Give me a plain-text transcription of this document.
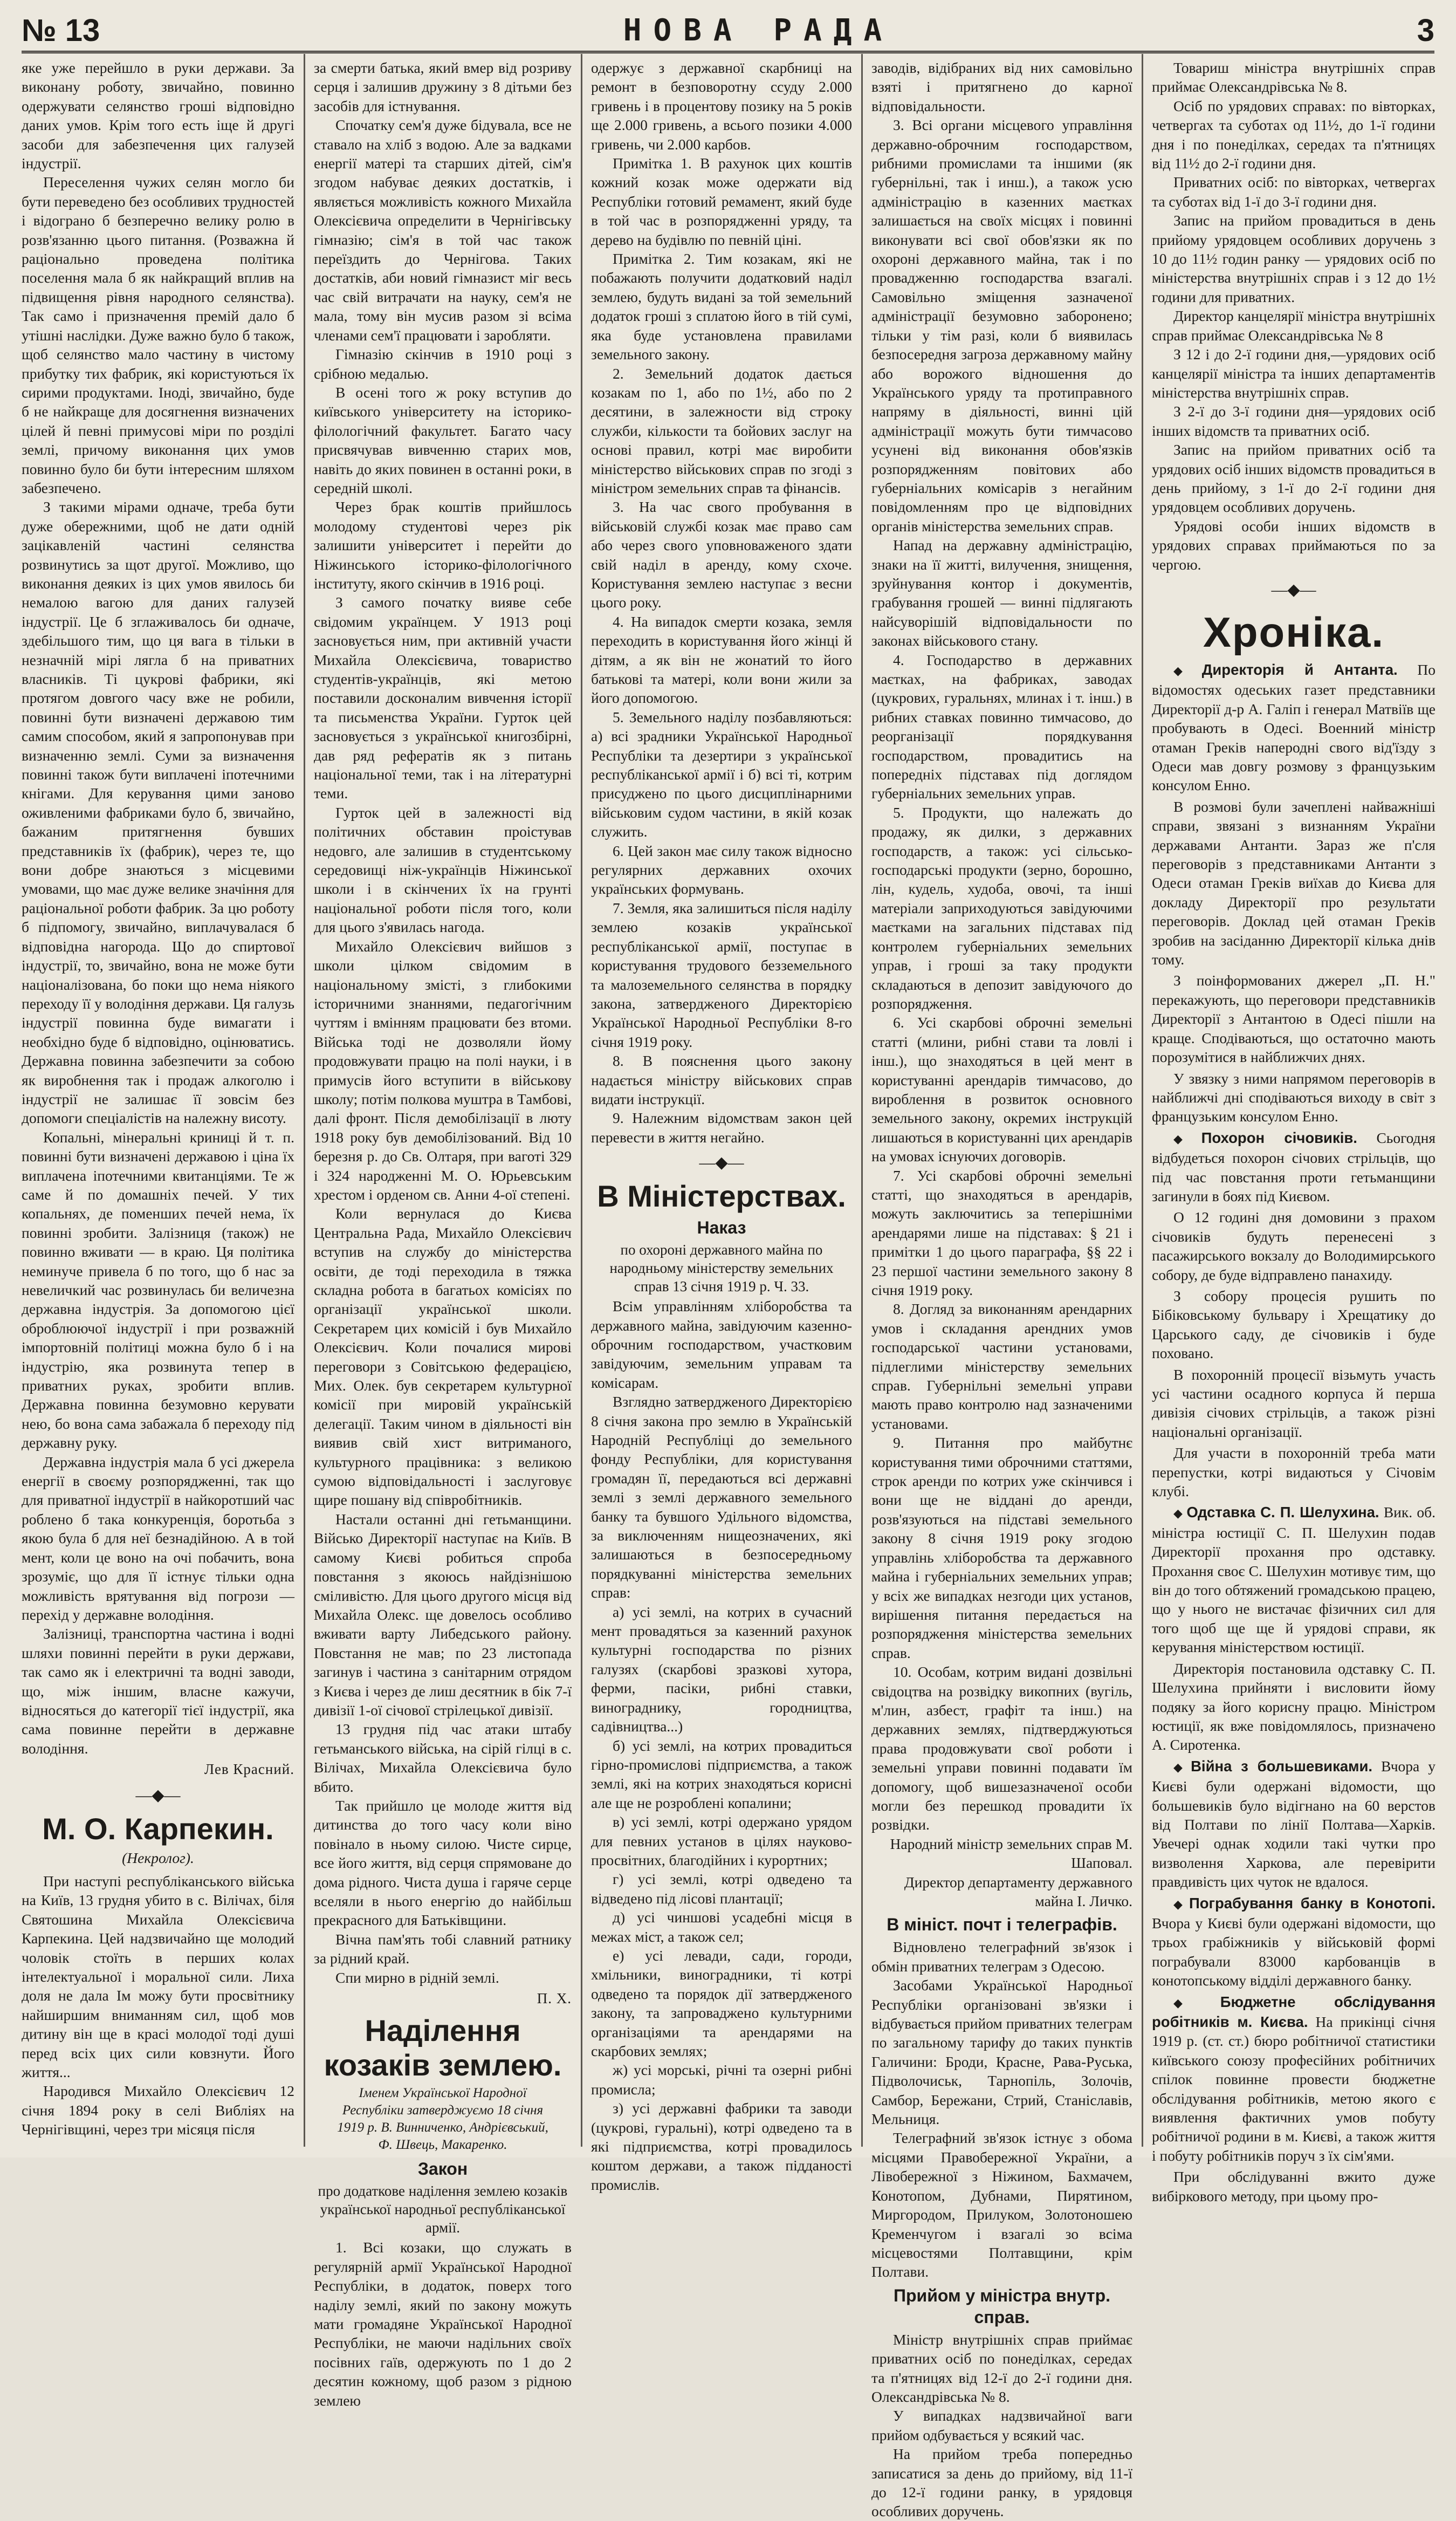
№ 13	НОВА РАДА	3

яке уже перейшло в руки держави. За виконану роботу, звичайно, повинно одержувати селянство гроші відповідно даних умов. Крім того есть іще й другі засоби для забезпечення цих галузей індустрії.

Переселення чужих селян могло би бути переведено без особливих трудностей і відограно б безперечно велику ролю в розв'язанню цього питання. (Розважна й раціонально проведена політика поселення мала б як найкращий вплив на підвищення рівня народного селянства). Так само і призначення премій дало б утішні наслідки. Дуже важно було б також, щоб селянство мало частину в чистому прибутку тих фабрик, які користуються їх сирими продуктами. Іноді, звичайно, буде б не найкраще для досягнення визначених цілей й певні примусові міри по розділі землі, причому виконання цих умов повинно було би бути інтересним шляхом забезпечено.

З такими мірами одначе, треба бути дуже обережними, щоб не дати одній зацікавленій частині селянства розвинутись за щот другої. Можливо, що виконання деяких із цих умов явилось би немалою вагою для даних галузей індустрії. Це б зглаживалось би одначе, здебільшого тим, що ця вага в тільки в незначній мірі лягла б на приватних власників. Ті цукрові фабрики, які протягом довгого часу вже не робили, повинні бути визначені державою тим самим способом, який я запропонував при визначенню землі. Суми за визначення повинні також бути виплачені іпотечними кнігами. Для керування цими заново оживленими фабриками було б, звичайно, бажаним притягнення бувших представників їх (фабрик), через те, що вони добре знаються з місцевими умовами, що має дуже велике значіння для раціональної роботи фабрик. За цю роботу б підпомогу, звичайно, виплачувалася б відповідна нагорода. Що до спиртової індустрії, то, звичайно, вона не може бути націоналізована, бо поки що нема ніякого переходу її у володіння держави. Ця галузь індустрії повинна буде вимагати і необхідно буде б відповідно, оцінюватись. Державна повинна забезпечити за собою як виробнення так і продаж алкоголю і індустрії не залишає її зовсім без допомоги спеціалістів на належну висоту.

Копальні, мінеральні криниці й т. п. повинні бути визначені державою і ціна їх виплачена іпотечними квитанціями. Те ж саме й по домашніх печей. У тих копальнях, де поменших печей нема, їх повинні зробити. Залізниця (також) не повинно вживати — в краю. Ця політика неминуче привела б по того, що б нас за невеличкий час розвинулась би величезна державна індустрія. За допомогою цієї оброблюючої індустрії і при розважній імпортовній політиці можна було б і на індустрію, яка розвинута тепер в приватних руках, зробити вплив. Державна повинна безумовно керувати нею, бо вона сама забажала б переходу під державну руку.

Державна індустрія мала б усі джерела енергії в своєму розпорядженні, так що для приватної індустрії в найкоротший час роблено б така конкуренція, боротьба з якою була б для неї безнадійною. А в той мент, коли це воно на очі побачить, вона зрозуміє, що для її істнує тільки одна можливість врятування від погрози — перехід у державне володіння.

Залізниці, транспортна частина і водні шляхи повинні перейти в руки держави, так само як і електричні та водні заводи, що, між іншим, власне кажучи, відносяться до категорії тієї індустрії, яка сама повинне перейти в державне володіння.

Лев Красний.
—◆—
М. О. Карпекин.
(Некролог).

При наступі республіканського війська на Київ, 13 грудня убито в с. Вілічах, біля Святошина Михайла Олексієвича Карпекина. Цей надзвичайно ще молодий чоловік стоїть в перших колах інтелектуальної і моральної сили. Лиха доля не дала Ім можу бути просвітнику найширшим вниманням сил, щоб мов дитину він ще в красі молодої тоді душі перед всіх цих сили ковзнути. Його життя...

Народився Михайло Олексієвич 12 січня 1894 року в селі Вибліях на Чернігівщині, через три місяця після

за смерти батька, який вмер від розриву серця і залишив дружину з 8 дітьми без засобів для істнування.

Спочатку сем'я дуже бідувала, все не ставало на хліб з водою. Але за вадками енергії матері та старших дітей, сім'я згодом набуває деяких достатків, і являється можливість кожного Михайла Олексієвича определити в Чернігівську гімназію; сім'я в той час також переїздить до Чернігова. Таких достатків, аби новий гімназист міг весь час свій витрачати на науку, сем'я не мала, тому він мусив разом зі всіма членами сем'ї працювати і заробляти.

Гімназію скінчив в 1910 році з срібною медалью.

В осені того ж року вступив до київського університету на історико-філологічний факультет. Багато часу присвячував вивченню старих мов, навіть до яких повинен в останні роки, в середній школі.

Через брак коштів прийшлось молодому студентові через рік залишити університет і перейти до Ніжинського історико-філологічного інституту, якого скінчив в 1916 році.

З самого початку вияве себе свідомим українцем. У 1913 році засновується ним, при активній участи Михайла Олексієвича, товариство студентів-українців, які метою поставили досконалим вивчення історії та письменства України. Гурток цей засновується з української книгозбірні, дав ряд рефератів як з питань національної теми, так і на літературні теми.

Гурток цей в залежності від політичних обставин проістував недовго, але залишив в студентському середовищі ніж-українців Ніжинської школи і в скінчених їх на грунті національної роботи після того, коли для цього з'явилась нагода.

Михайло Олексієвич вийшов з школи цілком свідомим в національному змісті, з глибокими історичними знаннями, педагогічним чуттям і вмінням працювати без втоми. Війська тоді не дозволяли йому продовжувати працю на полі науки, і в примусів його вступити в військову школу; потім полкова муштра в Тамбові, далі фронт. Після демобілізації в люту 1918 року був демобілізований. Від 10 березня р. до Св. Олтаря, при ваготі 329 і 324 народженні М. О. Юрьевським хрестом і орденом св. Анни 4-ої степені.

Коли вернулася до Києва Центральна Рада, Михайло Олексієвич вступив на службу до міністерства освіти, де тоді переходила в тяжка складна робота в багатьох комісіях по організації української школи. Секретарем цих комісій і був Михайло Олексієвич. Коли почалися мирові переговори з Совітською федерацією, Мих. Олек. був секретарем культурної комісії при мировій українській делегації. Таким чином в діяльності він виявив свій хист витриманого, культурного працівника: з великою сумою відповідальності і заслуговує щире пошану від співробітників.

Настали останні дні гетьманщини. Військо Директорії наступає на Київ. В самому Києві робиться спроба повстання з якоюсь найдізнішою сміливістю. Для цього другого місця від Михайла Олекс. ще довелось особливо вживати варту Либедського району. Повстання не мав; по 23 листопада загинув і частина з санітарним отрядом з Києва і через де лиш десятник в бік 7-ї дивізії 1-ої січової стрілецької дивізії.

13 грудня під час атаки штабу гетьманського війська, на сірій гілці в с. Вілічах, Михайла Олексієвича було вбито.

Так прийшло це молоде життя від дитинства до того часу коли віно повінало в ньому силою. Чисте сирце, все його життя, від серця спрямоване до дома рідного. Чиста душа і гаряче серце вселяли в нього енергію до найбільш прекрасного для Батьківщини.

Вічна пам'ять тобі славний ратнику за рідний край.

Спи мирно в рідній землі.

П. Х.
Наділення козаків землею.
Іменем Української Народної Республіки затверджуємо 18 січня 1919 р. В. Винниченко, Андрієвський, Ф. Швець, Макаренко.
Закон
про додаткове наділення землею козаків української народньої республіканської армії.

1. Всі козаки, що служать в регулярній армії Української Народної Республіки, в додаток, поверх того наділу землі, який по закону можуть мати громадяне Української Народної Республіки, не маючи надільних своїх посівних гаїв, одержують по 1 до 2 десятин кожному, щоб разом з рідною землею

одержує з державної скарбниці на ремонт в безповоротну ссуду 2.000 гривень і в процентову позику на 5 років ще 2.000 гривень, а всього позики 4.000 гривень, чи 2.000 карбов.

Примітка 1. В рахунок цих коштів кожний козак може одержати від Республіки готовий ремамент, який буде в той час в розпорядженні уряду, та дерево на будівлю по певній ціні.

Примітка 2. Тим козакам, які не побажають получити додатковий наділ землею, будуть видані за той земельний додаток гроші з сплатою його в тій сумі, яка буде установлена правилами земельного закону.

2. Земельний додаток дається козакам по 1, або по 1½, або по 2 десятини, в залежности від строку служби, кількости та бойових заслуг на основі правил, котрі має виробити міністерство військових справ по згоді з міністром земельних справ та фінансів.

3. На час свого пробування в військовій службі козак має право сам або через свого уповноваженого здати свій наділ в аренду, кому схоче. Користування землею наступає з весни цього року.

4. На випадок смерти козака, земля переходить в користування його жінці й дітям, а як він не жонатий то його батькові та матері, коли вони жили за його допомогою.

5. Земельного наділу позбавляються: а) всі зрадники Української Народньої Республіки та дезертири з української республіканської армії і б) всі ті, котрим присуджено по цього дисциплінарними військовим судом частини, в якій козак служить.

6. Цей закон має силу також відносно регулярних державних охочих українських формувань.

7. Земля, яка залишиться після наділу землею козаків української республіканської армії, поступає в користування трудового безземельного та малоземельного селянства в порядку закона, затвердженого Директорією Української Народньої Республіки 8-го січня 1919 року.

8. В пояснення цього закону надається міністру військових справ видати інструкції.

9. Належним відомствам закон цей перевести в життя негайно.

—◆—
В Міністерствах.
Наказ
по охороні державного майна по народньому міністерству земельних справ 13 січня 1919 р. Ч. 33.

Всім управлінням хліборобства та державного майна, завідуючим казенно-оброчним господарством, участковим завідуючим, земельним управам та комісарам.

Взглядно затвердженого Директорією 8 січня закона про землю в Українській Народній Республіці до земельного фонду Республіки, для користування громадян її, передаються всі державні землі з землі державного земельного банку та бувшого Удільного відомства, за виключенням нищеозначених, які залишаються в безпосередньому порядкуванні міністерства земельних справ:

а) усі землі, на котрих в сучасний мент провадяться за казенний рахунок культурні господарства по різних галузях (скарбові зразкові хутора, ферми, пасіки, рибні ставки, винограднику, городництва, садівництва...)

б) усі землі, на котрих провадиться гірно-промислові підприємства, а також землі, які на котрих знаходяться корисні але ще не розроблені копалини;

в) усі землі, котрі одержано урядом для певних установ в цілях науково-просвітних, благодійних і курортних;

г) усі землі, котрі одведено та відведено під лісові плантації;

д) усі чиншові усадебні місця в межах міст, а також сел;

е) усі левади, сади, городи, хмільники, виноградники, ті котрі одведено та порядок дії затвердженого закону, та запроваджено культурними організаціями та арендарями на скарбових землях;

ж) усі морські, річні та озерні рибні промисла;

з) усі державні фабрики та заводи (цукрові, гуральні), котрі одведено та в які підприємства, котрі провадилось коштом держави, а також підданості промислів.

заводів, відібраних від них самовільно взяті і притягнено до карної відповідальности.

3. Всі органи місцевого управління державно-оброчним господарством, рибними промислами та іншими (як губернільні, так і инш.), а також усю адміністрацію в казенних маєтках залишається на своїх місцях і повинні виконувати всі свої обов'язки як по охороні державного майна, так і по провадженню господарства взагалі. Самовільно зміщення зазначеної адміністрації безумовно заборонено; тільки у тім разі, коли б виявилась безпосередня загроза державному майну або ворожого відношення до Українського уряду та протиправного напряму в діяльності, винні цій адміністрації можуть бути тимчасово усунені від виконання обов'язків розпорядженням повітових або губерніальних комісарів з негайним повідомленням про це відповідних органів міністерства земельних справ.

Напад на державну адміністрацію, знаки на її житті, вилучення, знищення, зруйнування контор і документів, грабування грошей — винні підлягають найсуворішій відповідальности по законах військового стану.

4. Господарство в державних маєтках, на фабриках, заводах (цукрових, гуральнях, млинах і т. інш.) в рибних ставках повинно тимчасово, до реорганізації порядкування господарством, провадитись на попередніх підставах під доглядом губерніальних земельних управ.

5. Продукти, що належать до продажу, як дилки, з державних господарств, а також: усі сільсько-господарські продукти (зерно, борошно, лін, кудель, худоба, овочі, та інші матеріали заприходуються завідуючими маєтками на загальних підставах під контролем губерніальних земельних управ, і гроші за таку продукти складаються в депозит завідуючого до розпорядження.

6. Усі скарбові оброчні земельні статті (млини, рибні стави та ловлі і інш.), що знаходяться в цей мент в користуванні арендарів тимчасово, до вироблення в розвиток основного земельного закону, окремих інструкцій лишаються в користуванні цих арендарів на умовах існуючих договорів.

7. Усі скарбові оброчні земельні статті, що знаходяться в арендарів, можуть заключитись за теперішніми арендарями лише на підставах: § 21 і примітки 1 до цього параграфа, §§ 22 і 23 першої частини земельного закону 8 січня 1919 року.

8. Догляд за виконанням арендарних умов і складання арендних умов господарської частини установами, підлеглими міністерству земельних справ. Губернільні земельні управи мають право контролю над зазначеними установами.

9. Питання про майбутнє користування тими оброчними статтями, строк аренди по котрих уже скінчився і вони ще не віддані до аренди, розв'язуються на підставі земельного закону 8 січня 1919 року згодою управлінь хліборобства та державного майна і губерніальних земельних управ; у всіх же випадках незгоди цих установ, вирішення питання передається на розпорядження міністерства земельних справ.

10. Особам, котрим видані дозвільні свідоцтва на розвідку викопних (вугіль, м'лин, азбест, графіт та інш.) на державних землях, підтверджуються права продовжувати свої роботи і земельні управи повинні подавати їм допомогу, щоб вишезазначеної особи могли без перешкод провадити їх розвідки.

Народний міністр земельних справ М. Шаповал.

Директор департаменту державного майна І. Личко.

В мініст. почт і телеграфів.

Відновлено телеграфний зв'язок і обмін приватних телеграм з Одесою.

Засобами Української Народньої Республіки організовані зв'язки і відбувається прийом приватних телеграм по загальному тарифу до таких пунктів Галичини: Броди, Красне, Рава-Руська, Підволочиськ, Тарнопіль, Золочів, Самбор, Бережани, Стрий, Станіславів, Мельниця.

Телеграфний зв'язок істнує з обома місцями Правобережної України, а Лівобережної з Ніжином, Бахмачем, Конотопом, Дубнами, Пирятином, Миргородом, Прилуком, Золотоношею Кременчугом і взагалі зо всіма місцевостями Полтавщини, крім Полтави.

Прийом у міністра внутр. справ.

Міністр внутрішніх справ приймає приватних осіб по понеділках, середах та п'ятницях від 12-ї до 2-ї години дня. Олександрівська № 8.

У випадках надзвичайної ваги прийом одбувається у всякий час.

На прийом треба попередньо записатися за день до прийому, від 11-ї до 12-ї години ранку, в урядовця особливих доручень.

Товариш міністра внутрішніх справ приймає Олександрівська № 8.

Осіб по урядових справах: по вівторках, четвергах та суботах од 11½, до 1-ї години дня і по понеділках, середах та п'ятницях від 11½ до 2-ї години дня.

Приватних осіб: по вівторках, четвергах та суботах від 1-ї до 3-ї години дня.

Запис на прийом провадиться в день прийому урядовцем особливих доручень з 10 до 11½ годин ранку — урядових осіб по міністерства внутрішніх справ і з 12 до 1½ години для приватних.

Директор канцелярії міністра внутрішніх справ приймає Олександрівська № 8

З 12 і до 2-ї години дня,—урядових осіб канцелярії міністра та інших департаментів міністерства внутрішніх справ.

З 2-ї до 3-ї години дня—урядових осіб інших відомств та приватних осіб.

Запис на прийом приватних осіб та урядових осіб інших відомств провадиться в день прийому, з 1-ї до 2-ї години дня урядовцем особливих доручень.

Урядові особи інших відомств в урядових справах приймаються по за чергою.

—◆—
Хроніка.

◆ Директорія й Антанта. По відомостях одеських газет представники Директорії д-р А. Галіп і генерал Матвіїв ще пробувають в Одесі. Военний міністр отаман Греків наперодні свого від'їзду з Одеси мав довгу розмову з французьким консулом Енно.

В розмові були зачеплені найважніші справи, звязані з визнанням України державами Антанти. Зараз же п'сля переговорів з представниками Антанти з Одеси отаман Греків виїхав до Києва для докладу Директорії про результати переговорів. Доклад цей отаман Греків зробив на засіданню Директорії кілька днів тому.

З поінформованих джерел „П. Н." перекажують, що переговори представників Директорії з Антантою в Одесі пішли на краще. Сподіваються, що остаточно мають порозумітися в найближчих днях.

У звязку з ними напрямом переговорів в найближчі дні сподіваються виходу в світ з французьким консулом Енно.

◆ Похорон січовиків. Сьогодня відбудеться похорон січових стрільців, що під час повстання проти гетьманщини загинули в боях під Києвом.

О 12 годині дня домовини з прахом січовиків будуть перенесені з пасажирського вокзалу до Володимирського собору, де буде відправлено панахиду.

З собору процесія рушить по Бібіковському бульвару і Хрещатику до Царського саду, де січовиків і буде поховано.

В похоронній процесії візьмуть участь усі частини осадного корпуса й перша дивізія січових стрільців, а також різні національні організації.

Для участи в похоронній треба мати перепустки, котрі видаються у Січовім клубі.

◆ Одставка С. П. Шелухина. Вик. об. міністра юстиції С. П. Шелухин подав Директорії прохання про одставку. Прохання своє С. Шелухин мотивує тим, що він до того обтяжений громадською працею, що у нього не вистачає фізичних сил для того щоб ще ще й урядові справи, як керування міністерством юстиції.

Директорія постановила одставку С. П. Шелухина прийняти і висловити йому подяку за його корисну працю. Міністром юстиції, як вже повідомлялось, призначено А. Сиротенка.

◆ Війна з большевиками. Вчора у Києві були одержані відомости, що большевиків було відігнано на 60 верстов від Полтави по лінії Полтава—Харків. Увечері однак ходили такі чутки про визволення Харкова, але перевірити правдивість цих чуток не вдалося.

◆ Пограбування банку в Конотопі. Вчора у Києві були одержані відомости, що трьох грабіжників у військовій формі пограбували 83000 карбованців в конотопському відділі державного банку.

◆ Бюджетне обслідування робітників м. Києва. На прикінці січня 1919 р. (ст. ст.) бюро робітничої статистики київського союзу професійних робітничих спілок повинне провести бюджетне обслідування робітників, метою якого є виявлення фактичних умов побуту робітничої родини в м. Києві, а також життя і побуту робітників поруч з їх сім'ями.

При обслідуванні вжито дуже вибіркового методу, при цьому про-
